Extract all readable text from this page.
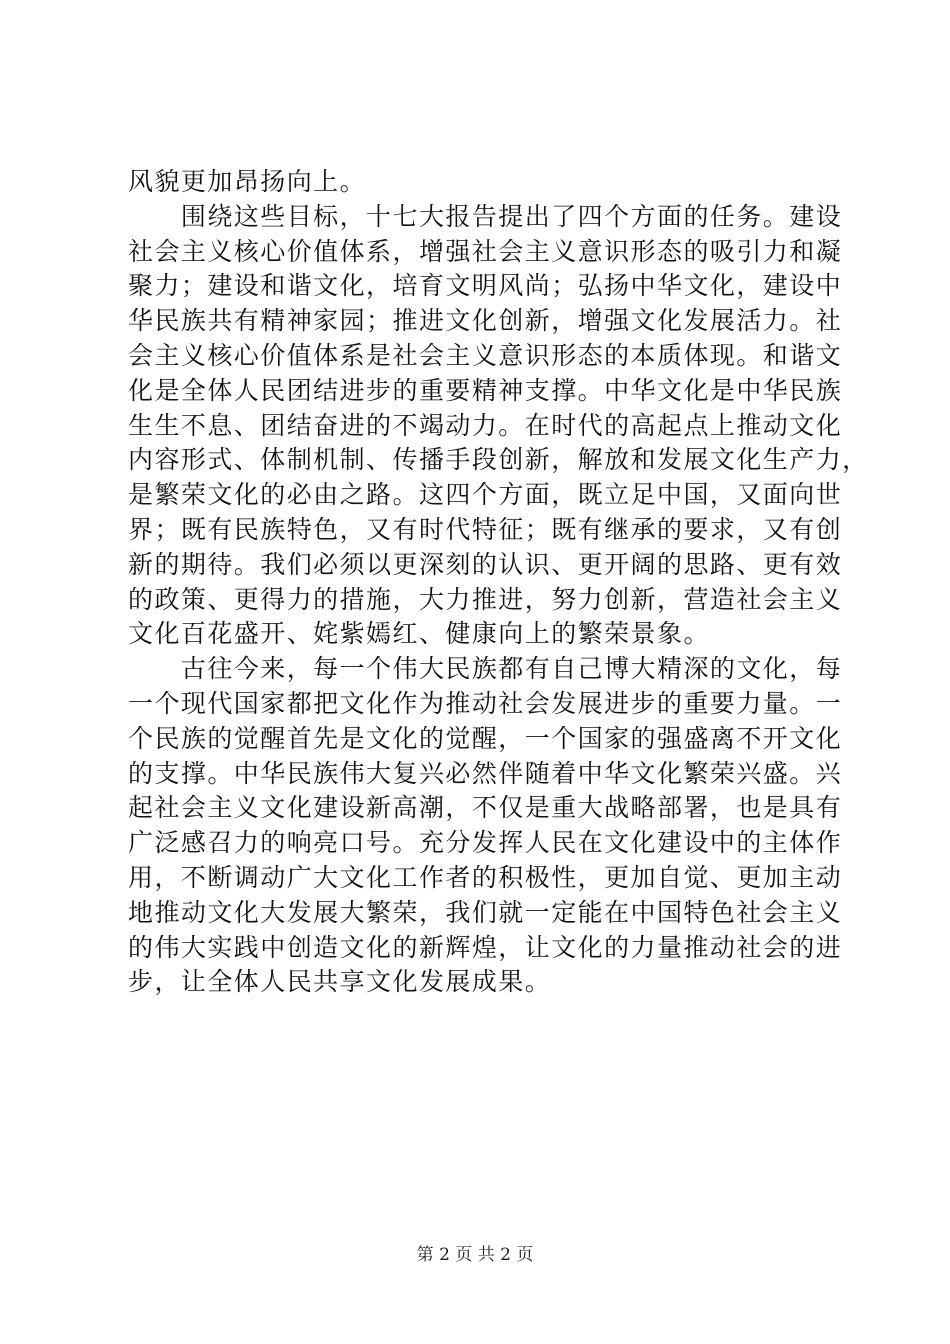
风貌更加昂扬向上。
　　围绕这些目标，十七大报告提出了四个方面的任务。建设
社会主义核心价值体系，增强社会主义意识形态的吸引力和凝
聚力；建设和谐文化，培育文明风尚；弘扬中华文化，建设中
华民族共有精神家园；推进文化创新，增强文化发展活力。社
会主义核心价值体系是社会主义意识形态的本质体现。和谐文
化是全体人民团结进步的重要精神支撑。中华文化是中华民族
生生不息、团结奋进的不竭动力。在时代的高起点上推动文化
内容形式、体制机制、传播手段创新，解放和发展文化生产力，
是繁荣文化的必由之路。这四个方面，既立足中国，又面向世
界；既有民族特色，又有时代特征；既有继承的要求，又有创
新的期待。我们必须以更深刻的认识、更开阔的思路、更有效
的政策、更得力的措施，大力推进，努力创新，营造社会主义
文化百花盛开、姹紫嫣红、健康向上的繁荣景象。
　　古往今来，每一个伟大民族都有自己博大精深的文化，每
一个现代国家都把文化作为推动社会发展进步的重要力量。一
个民族的觉醒首先是文化的觉醒，一个国家的强盛离不开文化
的支撑。中华民族伟大复兴必然伴随着中华文化繁荣兴盛。兴
起社会主义文化建设新高潮，不仅是重大战略部署，也是具有
广泛感召力的响亮口号。充分发挥人民在文化建设中的主体作
用，不断调动广大文化工作者的积极性，更加自觉、更加主动
地推动文化大发展大繁荣，我们就一定能在中国特色社会主义
的伟大实践中创造文化的新辉煌，让文化的力量推动社会的进
步，让全体人民共享文化发展成果。
第 2 页 共 2 页
